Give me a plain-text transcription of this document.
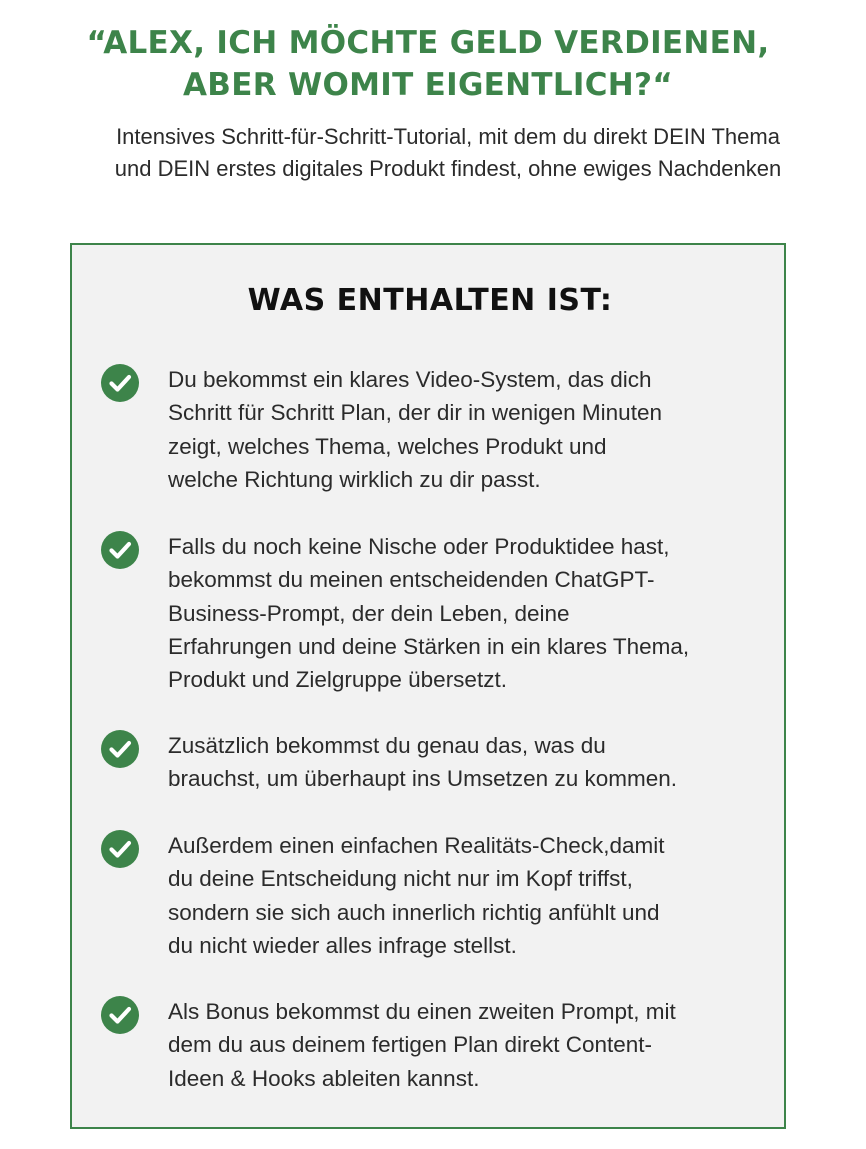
“ALEX, ICH MÖCHTE GELD VERDIENEN,
ABER WOMIT EIGENTLICH?“

Intensives Schritt-für-Schritt-Tutorial, mit dem du direkt DEIN Thema
und DEIN erstes digitales Produkt findest, ohne ewiges Nachdenken

WAS ENTHALTEN IST:
Du bekommst ein klares Video-System, das dich
Schritt für Schritt Plan, der dir in wenigen Minuten
zeigt, welches Thema, welches Produkt und
welche Richtung wirklich zu dir passt.
Falls du noch keine Nische oder Produktidee hast,
bekommst du meinen entscheidenden ChatGPT-
Business-Prompt, der dein Leben, deine
Erfahrungen und deine Stärken in ein klares Thema,
Produkt und Zielgruppe übersetzt.
Zusätzlich bekommst du genau das, was du
brauchst, um überhaupt ins Umsetzen zu kommen.
Außerdem einen einfachen Realitäts-Check,damit
du deine Entscheidung nicht nur im Kopf triffst,
sondern sie sich auch innerlich richtig anfühlt und
du nicht wieder alles infrage stellst.
Als Bonus bekommst du einen zweiten Prompt, mit
dem du aus deinem fertigen Plan direkt Content-
Ideen & Hooks ableiten kannst.
